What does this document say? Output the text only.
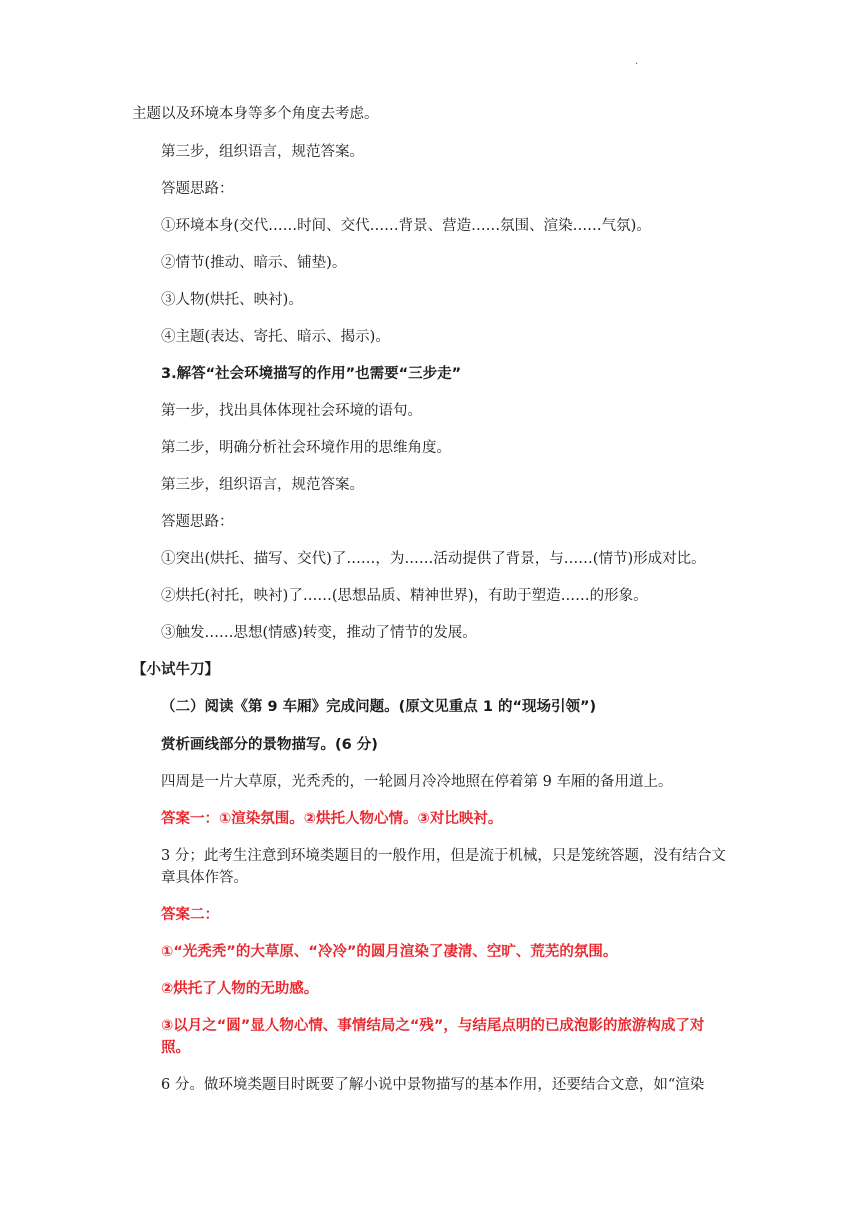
.
主题以及环境本身等多个角度去考虑。
第三步，组织语言，规范答案。
答题思路：
①环境本身(交代……时间、交代……背景、营造……氛围、渲染……气氛)。
②情节(推动、暗示、铺垫)。
③人物(烘托、映衬)。
④主题(表达、寄托、暗示、揭示)。
3.解答“社会环境描写的作用”也需要“三步走”
第一步，找出具体体现社会环境的语句。
第二步，明确分析社会环境作用的思维角度。
第三步，组织语言，规范答案。
答题思路：
①突出(烘托、描写、交代)了……，为……活动提供了背景，与……(情节)形成对比。
②烘托(衬托，映衬)了……(思想品质、精神世界)，有助于塑造……的形象。
③触发……思想(情感)转变，推动了情节的发展。
【小试牛刀】
（二）阅读《第 9 车厢》完成问题。(原文见重点 1 的“现场引领”)
赏析画线部分的景物描写。(6 分)
四周是一片大草原，光秃秃的，一轮圆月冷冷地照在停着第 9 车厢的备用道上。
答案一：①渲染氛围。②烘托人物心情。③对比映衬。
3 分；此考生注意到环境类题目的一般作用，但是流于机械，只是笼统答题，没有结合文章具体作答。
答案二：
①“光秃秃”的大草原、“冷冷”的圆月渲染了凄清、空旷、荒芜的氛围。
②烘托了人物的无助感。
③以月之“圆”显人物心情、事情结局之“残”，与结尾点明的已成泡影的旅游构成了对照。
6 分。做环境类题目时既要了解小说中景物描写的基本作用，还要结合文意，如“渲染
